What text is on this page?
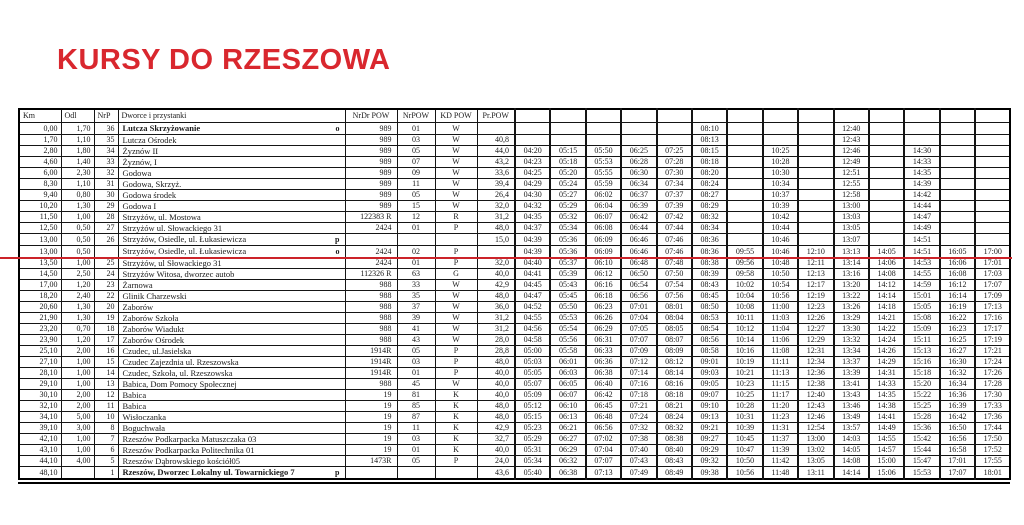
KURSY DO RZESZOWA
Km	Odl	NrP	Dworce i przystanki	NrDr POW	NrPOW	KD POW	Pr.POW														
0,00	1,70	36	Lutcza Skrzyżowanie o	989	01	W							08:10				12:40				
1,70	1,10	35	Lutcza Ośrodek	989	03	W	40,8						08:13				12:43				
2,80	1,80	34	Żyznów II	989	05	W	44,0	04:20	05:15	05:50	06:25	07:25	08:15		10:25		12:46		14:30		
4,60	1,40	33	Żyznów, I	989	07	W	43,2	04:23	05:18	05:53	06:28	07:28	08:18		10:28		12:49		14:33		
6,00	2,30	32	Godowa	989	09	W	33,6	04:25	05:20	05:55	06:30	07:30	08:20		10:30		12:51		14:35		
8,30	1,10	31	Godowa, Skrzyż.	989	11	W	39,4	04:29	05:24	05:59	06:34	07:34	08:24		10:34		12:55		14:39		
9,40	0,80	30	Godowa środek	989	05	W	26,4	04:30	05:27	06:02	06:37	07:37	08:27		10:37		12:58		14:42		
10,20	1,30	29	Godowa I	989	15	W	32,0	04:32	05:29	06:04	06:39	07:39	08:29		10:39		13:00		14:44		
11,50	1,00	28	Strzyżów, ul. Mostowa	122383 R	12	R	31,2	04:35	05:32	06:07	06:42	07:42	08:32		10:42		13:03		14:47		
12,50	0,50	27	Strzyżów ul. Słowackiego 31	2424	01	P	48,0	04:37	05:34	06:08	06:44	07:44	08:34		10:44		13:05		14:49		
13,00	0,50	26	Strzyżów, Osiedle, ul. Łukasiewicza p				15,0	04:39	05:36	06:09	06:46	07:46	08:36		10:46		13:07		14:51		
13,00	0,50		Strzyżów, Osiedle, ul. Łukasiewicza o	2424	02	P		04:39	05:36	06:09	06:46	07:46	08:36	09:55	10:46	12:10	13:13	14:05	14:51	16:05	17:00
13,50	1,00	25	Strzyżów, ul Słowackiego 31	2424	01	P	32,0	04:40	05:37	06:10	06:48	07:48	08:38	09:56	10:48	12:11	13:14	14:06	14:53	16:06	17:01
14,50	2,50	24	Strzyżów Witosa, dworzec autob	112326 R	63	G	40,0	04:41	05:39	06:12	06:50	07:50	08:39	09:58	10:50	12:13	13:16	14:08	14:55	16:08	17:03
17,00	1,20	23	Żarnowa	988	33	W	42,9	04:45	05:43	06:16	06:54	07:54	08:43	10:02	10:54	12:17	13:20	14:12	14:59	16:12	17:07
18,20	2,40	22	Glinik Charzewski	988	35	W	48,0	04:47	05:45	06:18	06:56	07:56	08:45	10:04	10:56	12:19	13:22	14:14	15:01	16:14	17:09
20,60	1,30	20	Zaborów	988	37	W	36,0	04:52	05:50	06:23	07:01	08:01	08:50	10:08	11:00	12:23	13:26	14:18	15:05	16:19	17:13
21,90	1,30	19	Zaborów Szkoła	988	39	W	31,2	04:55	05:53	06:26	07:04	08:04	08:53	10:11	11:03	12:26	13:29	14:21	15:08	16:22	17:16
23,20	0,70	18	Zaborów Wiadukt	988	41	W	31,2	04:56	05:54	06:29	07:05	08:05	08:54	10:12	11:04	12:27	13:30	14:22	15:09	16:23	17:17
23,90	1,20	17	Zaborów Ośrodek	988	43	W	28,0	04:58	05:56	06:31	07:07	08:07	08:56	10:14	11:06	12:29	13:32	14:24	15:11	16:25	17:19
25,10	2,00	16	Czudec, ul.Jasielska	1914R	05	P	28,8	05:00	05:58	06:33	07:09	08:09	08:58	10:16	11:08	12:31	13:34	14:26	15:13	16:27	17:21
27,10	1,00	15	Czudec Zajezdnia ul. Rzeszowska	1914R	03	P	48,0	05:03	06:01	06:36	07:12	08:12	09:01	10:19	11:11	12:34	13:37	14:29	15:16	16:30	17:24
28,10	1,00	14	Czudec, Szkoła, ul. Rzeszowska	1914R	01	P	40,0	05:05	06:03	06:38	07:14	08:14	09:03	10:21	11:13	12:36	13:39	14:31	15:18	16:32	17:26
29,10	1,00	13	Babica, Dom Pomocy Społecznej	988	45	W	40,0	05:07	06:05	06:40	07:16	08:16	09:05	10:23	11:15	12:38	13:41	14:33	15:20	16:34	17:28
30,10	2,00	12	Babica	19	81	K	40,0	05:09	06:07	06:42	07:18	08:18	09:07	10:25	11:17	12:40	13:43	14:35	15:22	16:36	17:30
32,10	2,00	11	Babica	19	85	K	48,0	05:12	06:10	06:45	07:21	08:21	09:10	10:28	11:20	12:43	13:46	14:38	15:25	16:39	17:33
34,10	5,00	10	Wisłoczanka	19	87	K	48,0	05:15	06:13	06:48	07:24	08:24	09:13	10:31	11:23	12:46	13:49	14:41	15:28	16:42	17:36
39,10	3,00	8	Boguchwała	19	11	K	42,9	05:23	06:21	06:56	07:32	08:32	09:21	10:39	11:31	12:54	13:57	14:49	15:36	16:50	17:44
42,10	1,00	7	Rzeszów Podkarpacka Matuszczaka 03	19	03	K	32,7	05:29	06:27	07:02	07:38	08:38	09:27	10:45	11:37	13:00	14:03	14:55	15:42	16:56	17:50
43,10	1,00	6	Rzeszów Podkarpacka Politechnika 01	19	01	K	40,0	05:31	06:29	07:04	07:40	08:40	09:29	10:47	11:39	13:02	14:05	14:57	15:44	16:58	17:52
44,10	4,00	5	Rzeszów Dąbrowskiego kościół05	1473R	05	P	24,0	05:34	06:32	07:07	07:43	08:43	09:32	10:50	11:42	13:05	14:08	15:00	15:47	17:01	17:55
48,10		1	Rzeszów, Dworzec Lokalny ul. Towarnickiego 7 p				43,6	05:40	06:38	07:13	07:49	08:49	09:38	10:56	11:48	13:11	14:14	15:06	15:53	17:07	18:01
